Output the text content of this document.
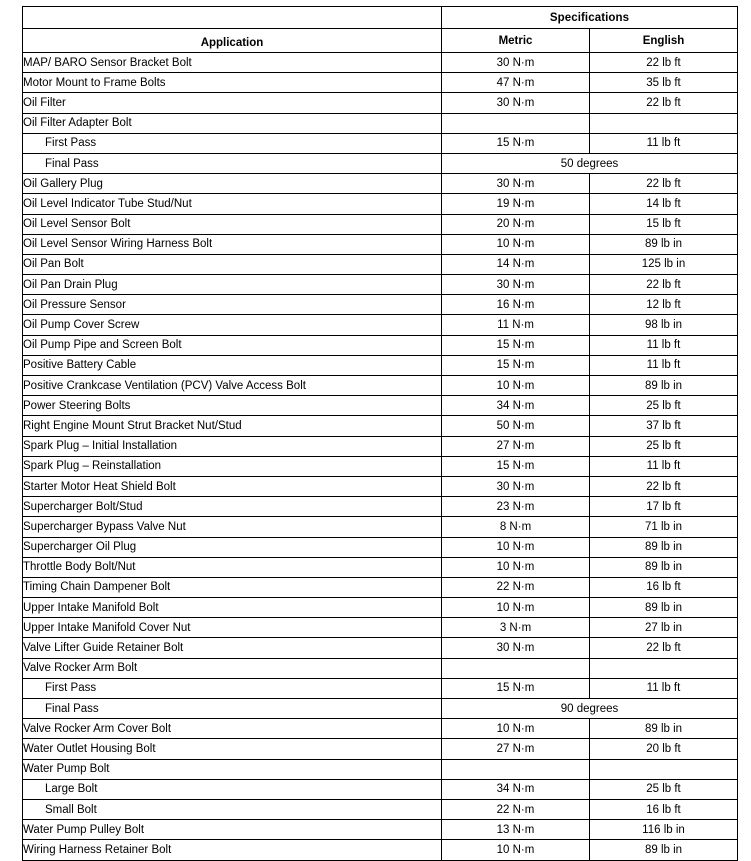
	Specifications	
Application	Metric	English
MAP/ BARO Sensor Bracket Bolt	30 N·m	22 lb ft
Motor Mount to Frame Bolts	47 N·m	35 lb ft
Oil Filter	30 N·m	22 lb ft
Oil Filter Adapter Bolt		
First Pass	15 N·m	11 lb ft
Final Pass	50 degrees	
Oil Gallery Plug	30 N·m	22 lb ft
Oil Level Indicator Tube Stud/Nut	19 N·m	14 lb ft
Oil Level Sensor Bolt	20 N·m	15 lb ft
Oil Level Sensor Wiring Harness Bolt	10 N·m	89 lb in
Oil Pan Bolt	14 N·m	125 lb in
Oil Pan Drain Plug	30 N·m	22 lb ft
Oil Pressure Sensor	16 N·m	12 lb ft
Oil Pump Cover Screw	11 N·m	98 lb in
Oil Pump Pipe and Screen Bolt	15 N·m	11 lb ft
Positive Battery Cable	15 N·m	11 lb ft
Positive Crankcase Ventilation (PCV) Valve Access Bolt	10 N·m	89 lb in
Power Steering Bolts	34 N·m	25 lb ft
Right Engine Mount Strut Bracket Nut/Stud	50 N·m	37 lb ft
Spark Plug – Initial Installation	27 N·m	25 lb ft
Spark Plug – Reinstallation	15 N·m	11 lb ft
Starter Motor Heat Shield Bolt	30 N·m	22 lb ft
Supercharger Bolt/Stud	23 N·m	17 lb ft
Supercharger Bypass Valve Nut	8 N·m	71 lb in
Supercharger Oil Plug	10 N·m	89 lb in
Throttle Body Bolt/Nut	10 N·m	89 lb in
Timing Chain Dampener Bolt	22 N·m	16 lb ft
Upper Intake Manifold Bolt	10 N·m	89 lb in
Upper Intake Manifold Cover Nut	3 N·m	27 lb in
Valve Lifter Guide Retainer Bolt	30 N·m	22 lb ft
Valve Rocker Arm Bolt		
First Pass	15 N·m	11 lb ft
Final Pass	90 degrees	
Valve Rocker Arm Cover Bolt	10 N·m	89 lb in
Water Outlet Housing Bolt	27 N·m	20 lb ft
Water Pump Bolt		
Large Bolt	34 N·m	25 lb ft
Small Bolt	22 N·m	16 lb ft
Water Pump Pulley Bolt	13 N·m	116 lb in
Wiring Harness Retainer Bolt	10 N·m	89 lb in
